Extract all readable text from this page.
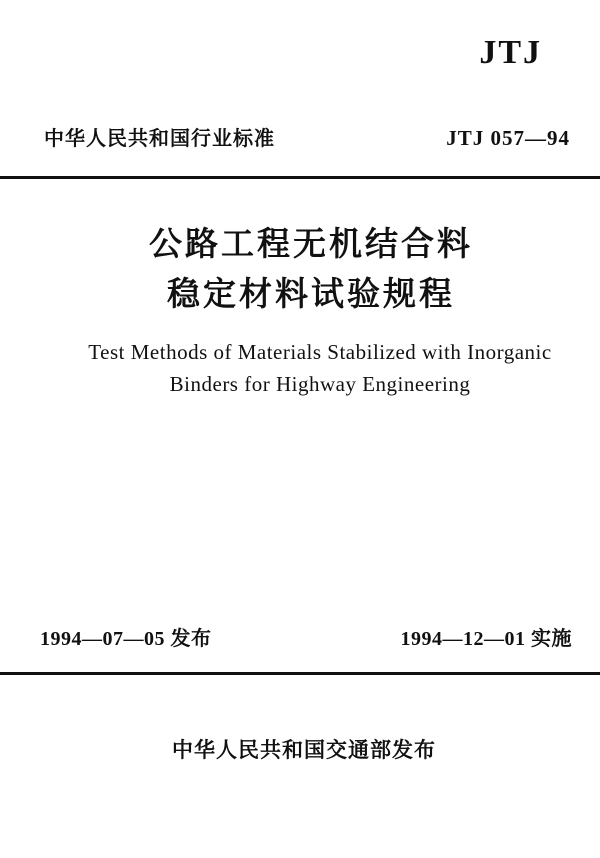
JTJ
中华人民共和国行业标准	JTJ 057—94
公路工程无机结合料
稳定材料试验规程
Test Methods of Materials Stabilized with Inorganic
Binders for Highway Engineering
1994—07—05 发布	1994—12—01 实施
中华人民共和国交通部发布
